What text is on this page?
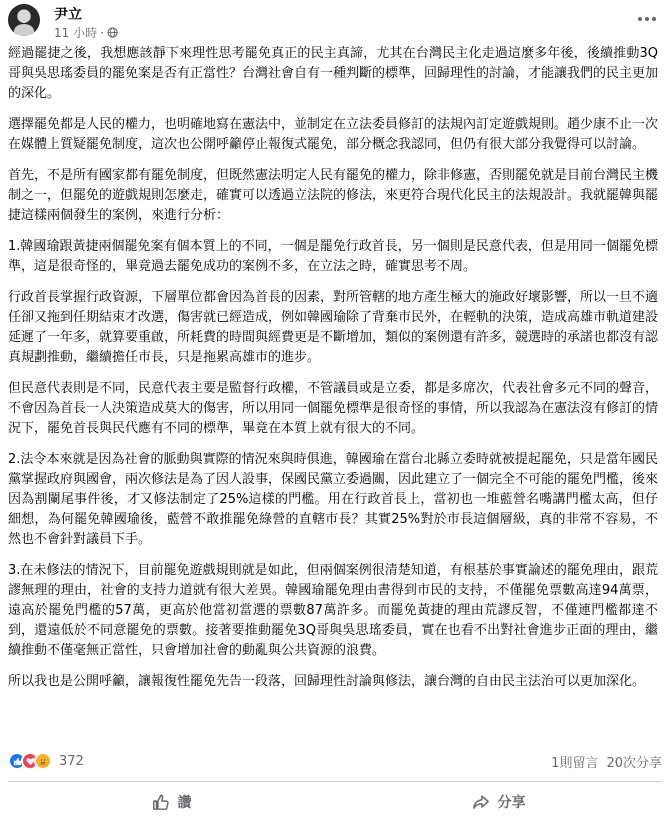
尹立
11 小時 ·

經過罷捷之後，我想應該靜下來理性思考罷免真正的民主真諦，尤其在台灣民主化走過這麼多年後，後續推動3Q哥與吳思瑤委員的罷免案是否有正當性？台灣社會自有一種判斷的標準，回歸理性的討論，才能讓我們的民主更加的深化。

選擇罷免都是人民的權力，也明確地寫在憲法中，並制定在立法委員修訂的法規內訂定遊戲規則。趙少康不止一次在媒體上質疑罷免制度，這次也公開呼籲停止報復式罷免，部分概念我認同，但仍有很大部分我覺得可以討論。

首先，不是所有國家都有罷免制度，但既然憲法明定人民有罷免的權力，除非修憲，否則罷免就是目前台灣民主機制之一，但罷免的遊戲規則怎麼走，確實可以透過立法院的修法，來更符合現代化民主的法規設計。我就罷韓與罷捷這樣兩個發生的案例，來進行分析：

1.韓國瑜跟黃捷兩個罷免案有個本質上的不同，一個是罷免行政首長，另一個則是民意代表，但是用同一個罷免標準，這是很奇怪的，畢竟過去罷免成功的案例不多，在立法之時，確實思考不周。

行政首長掌握行政資源，下層單位都會因為首長的因素，對所管轄的地方產生極大的施政好壞影響，所以一旦不適任卻又拖到任期結束才改選，傷害就已經造成，例如韓國瑜除了背棄市民外，在輕軌的決策，造成高雄市軌道建設延遲了一年多，就算要重啟，所耗費的時間與經費更是不斷增加，類似的案例還有許多，競選時的承諾也都沒有認真規劃推動，繼續擔任市長，只是拖累高雄市的進步。

但民意代表則是不同，民意代表主要是監督行政權，不管議員或是立委，都是多席次，代表社會多元不同的聲音，不會因為首長一人決策造成莫大的傷害，所以用同一個罷免標準是很奇怪的事情，所以我認為在憲法沒有修訂的情況下，罷免首長與民代應有不同的標準，畢竟在本質上就有很大的不同。

2.法令本來就是因為社會的脈動與實際的情況來與時俱進，韓國瑜在當台北縣立委時就被提起罷免，只是當年國民黨掌握政府與國會，兩次修法是為了因人設事，保國民黨立委過關，因此建立了一個完全不可能的罷免門檻，後來因為割闌尾事件後，才又修法制定了25%這樣的門檻。用在行政首長上，當初也一堆藍營名嘴講門檻太高，但仔細想，為何罷免韓國瑜後，藍營不敢推罷免綠營的直轄市長？其實25%對於市長這個層級，真的非常不容易，不然也不會針對議員下手。

3.在未修法的情況下，目前罷免遊戲規則就是如此，但兩個案例很清楚知道，有根基於事實論述的罷免理由，跟荒謬無理的理由，社會的支持力道就有很大差異。韓國瑜罷免理由書得到市民的支持，不僅罷免票數高達94萬票，遠高於罷免門檻的57萬，更高於他當初當選的票數87萬許多。而罷免黃捷的理由荒謬反智，不僅連門檻都達不到，還遠低於不同意罷免的票數。接著要推動罷免3Q哥與吳思瑤委員，實在也看不出對社會進步正面的理由，繼續推動不僅毫無正當性，只會增加社會的動亂與公共資源的浪費。

所以我也是公開呼籲，讓報復性罷免先告一段落，回歸理性討論與修法，讓台灣的自由民主法治可以更加深化。

372	1則留言 20次分享
讚	分享
